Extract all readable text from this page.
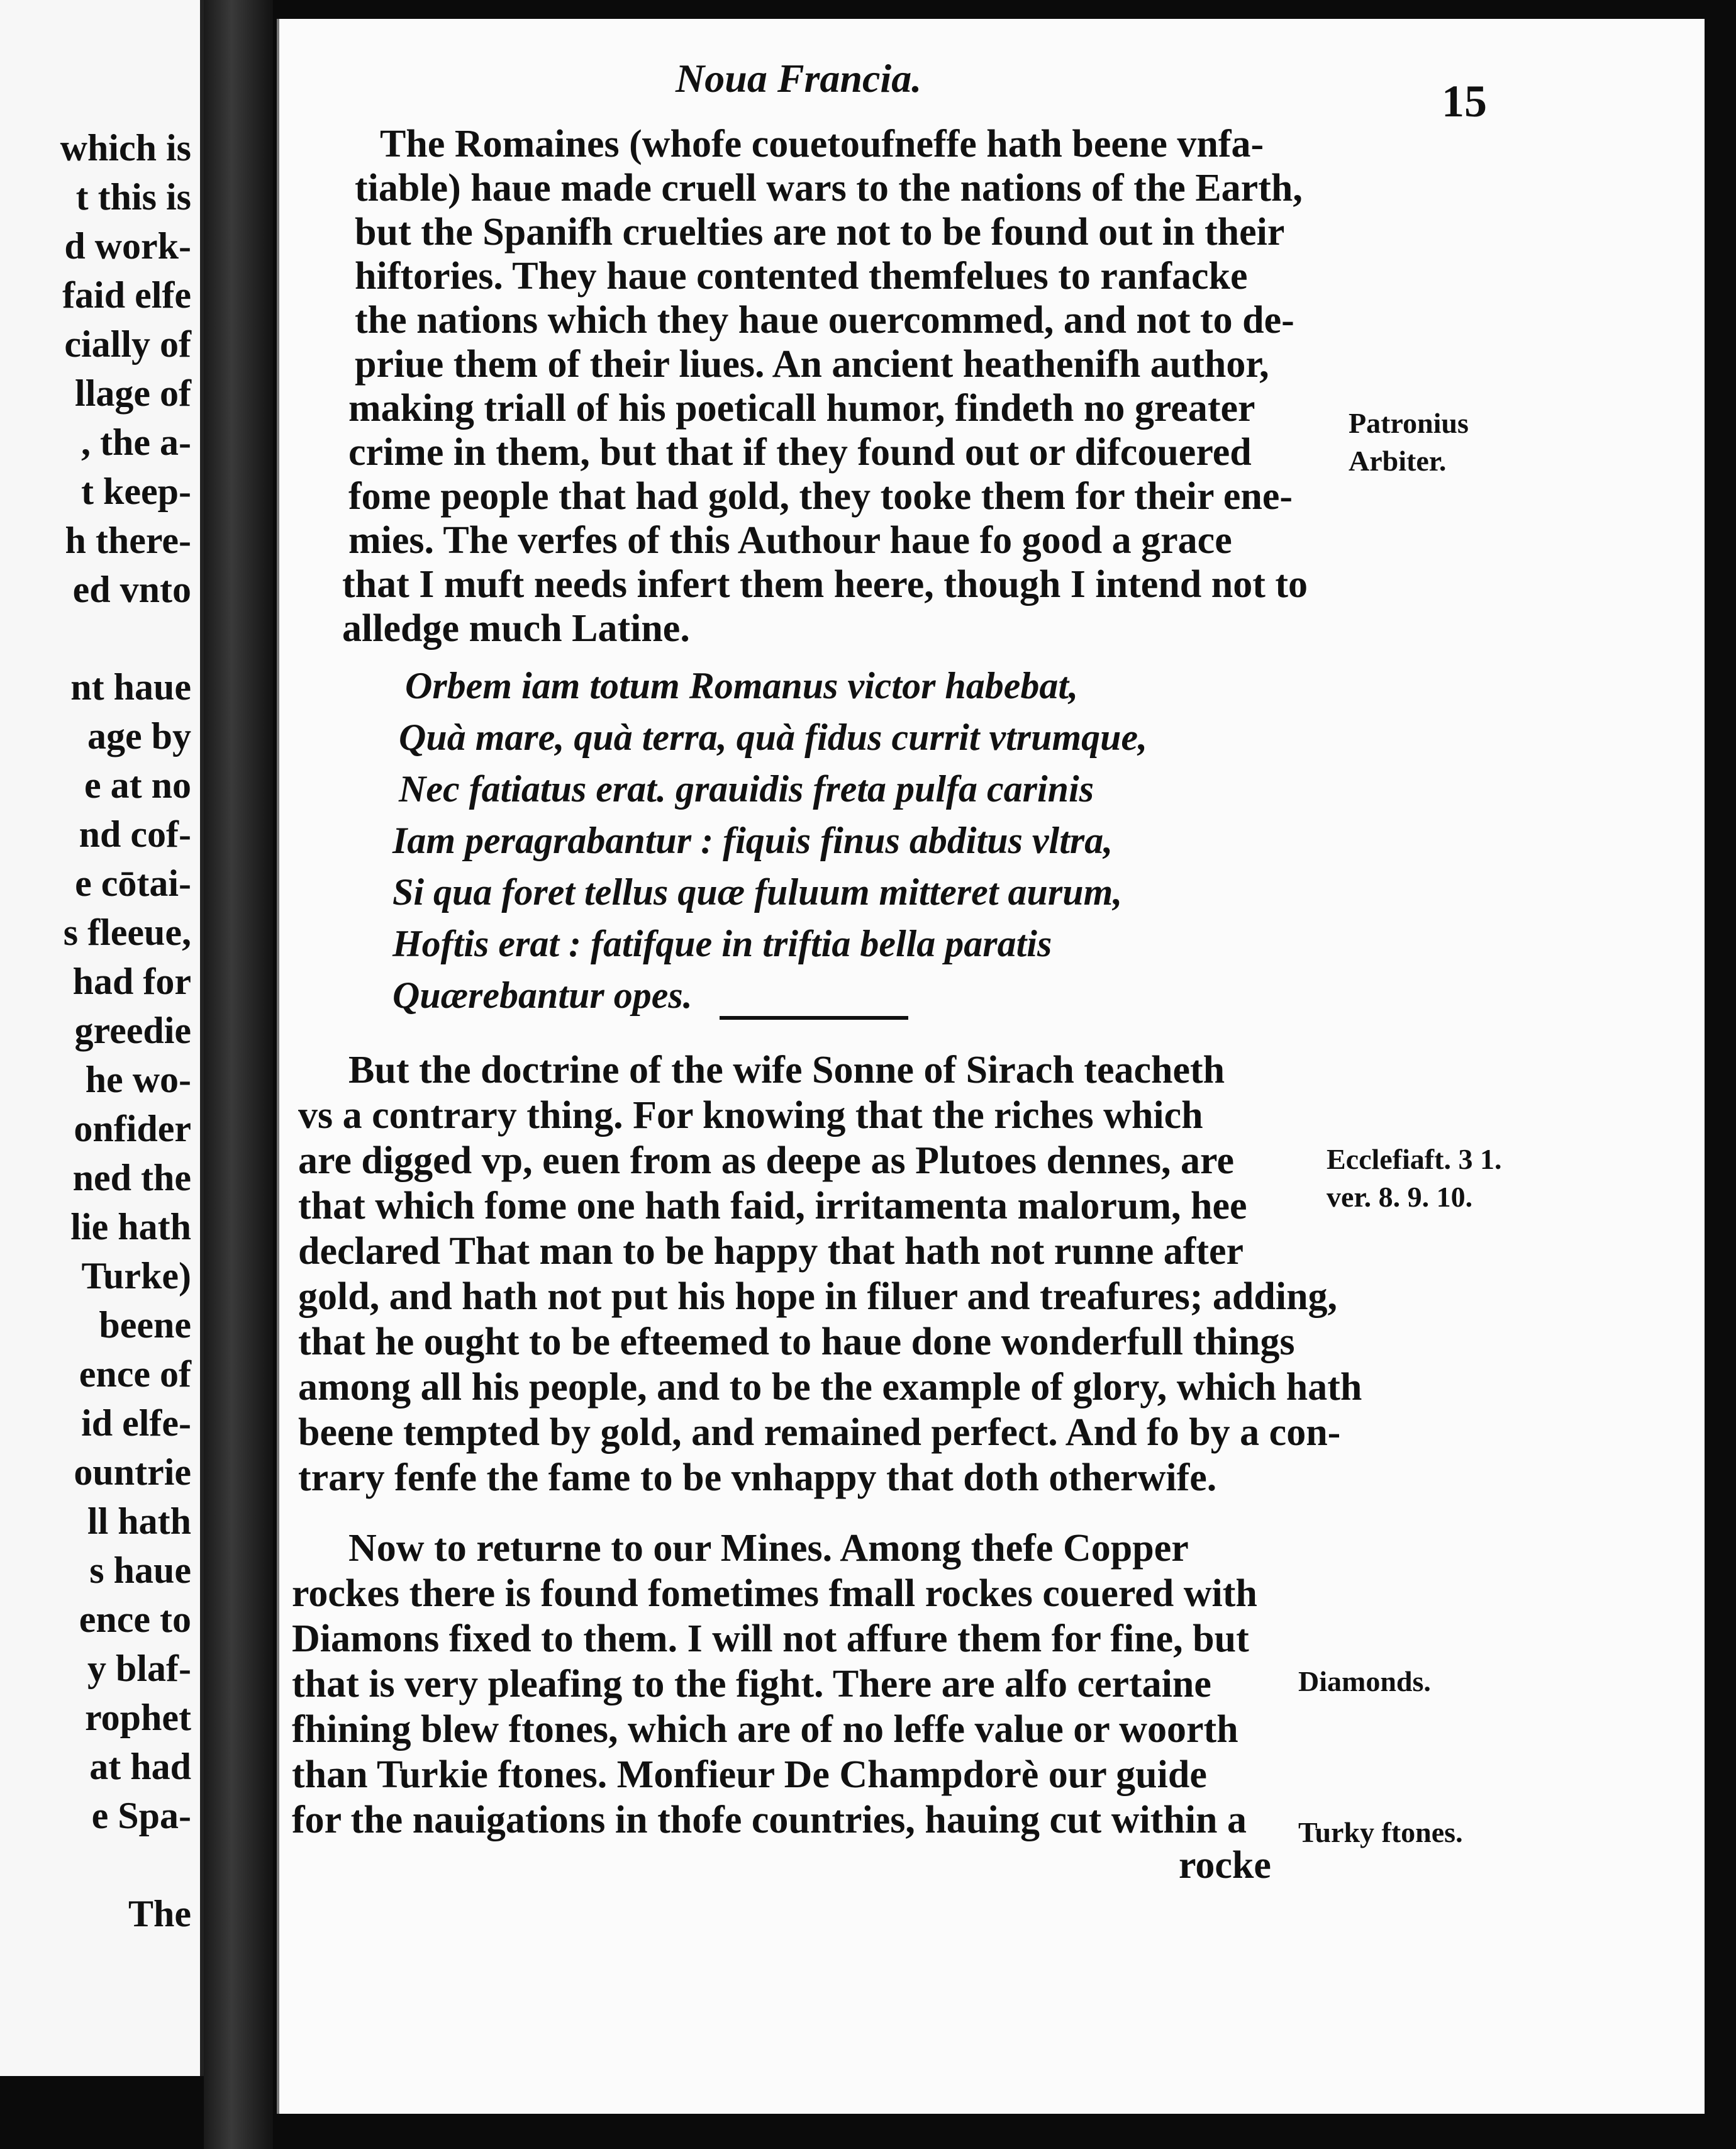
which is
t this is
d work-
faid elfe
cially of
llage of
, the a-
t keep-
h there-
ed vnto
nt haue
age by
e at no
nd cof-
e cōtai-
s fleeue,
had for
greedie
he wo-
onfider
ned the
lie hath
Turke)
beene
ence of
id elfe-
ountrie
ll hath
s haue
ence to
y blaf-
rophet
at had
e Spa-
The
Noua Francia.	15
The Romaines (whofe couetoufneffe hath beene vnfa-
tiable) haue made cruell wars to the nations of the Earth,
but the Spanifh cruelties are not to be found out in their
hiftories. They haue contented themfelues to ranfacke
the nations which they haue ouercommed, and not to de-
priue them of their liues. An ancient heathenifh author,
making triall of his poeticall humor, findeth no greater
crime in them, but that if they found out or difcouered
fome people that had gold, they tooke them for their ene-
mies. The verfes of this Authour haue fo good a grace
that I muft needs infert them heere, though I intend not to
alledge much Latine.
Orbem iam totum Romanus victor habebat,
Quà mare, quà terra, quà fidus currit vtrumque,
Nec fatiatus erat. grauidis freta pulfa carinis
Iam peragrabantur : fiquis finus abditus vltra,
Si qua foret tellus quæ fuluum mitteret aurum,
Hoftis erat : fatifque in triftia bella paratis
Quærebantur opes.
But the doctrine of the wife Sonne of Sirach teacheth
vs a contrary thing. For knowing that the riches which
are digged vp, euen from as deepe as Plutoes dennes, are
that which fome one hath faid, irritamenta malorum, hee
declared That man to be happy that hath not runne after
gold, and hath not put his hope in filuer and treafures; adding,
that he ought to be efteemed to haue done wonderfull things
among all his people, and to be the example of glory, which hath
beene tempted by gold, and remained perfect. And fo by a con-
trary fenfe the fame to be vnhappy that doth otherwife.
Now to returne to our Mines. Among thefe Copper
rockes there is found fometimes fmall rockes couered with
Diamons fixed to them. I will not affure them for fine, but
that is very pleafing to the fight. There are alfo certaine
fhining blew ftones, which are of no leffe value or woorth
than Turkie ftones. Monfieur De Champdorè our guide
for the nauigations in thofe countries, hauing cut within a
rocke
Patronius
Arbiter.
Ecclefiaft. 3 1.
ver. 8. 9. 10.
Diamonds.
Turky ftones.
